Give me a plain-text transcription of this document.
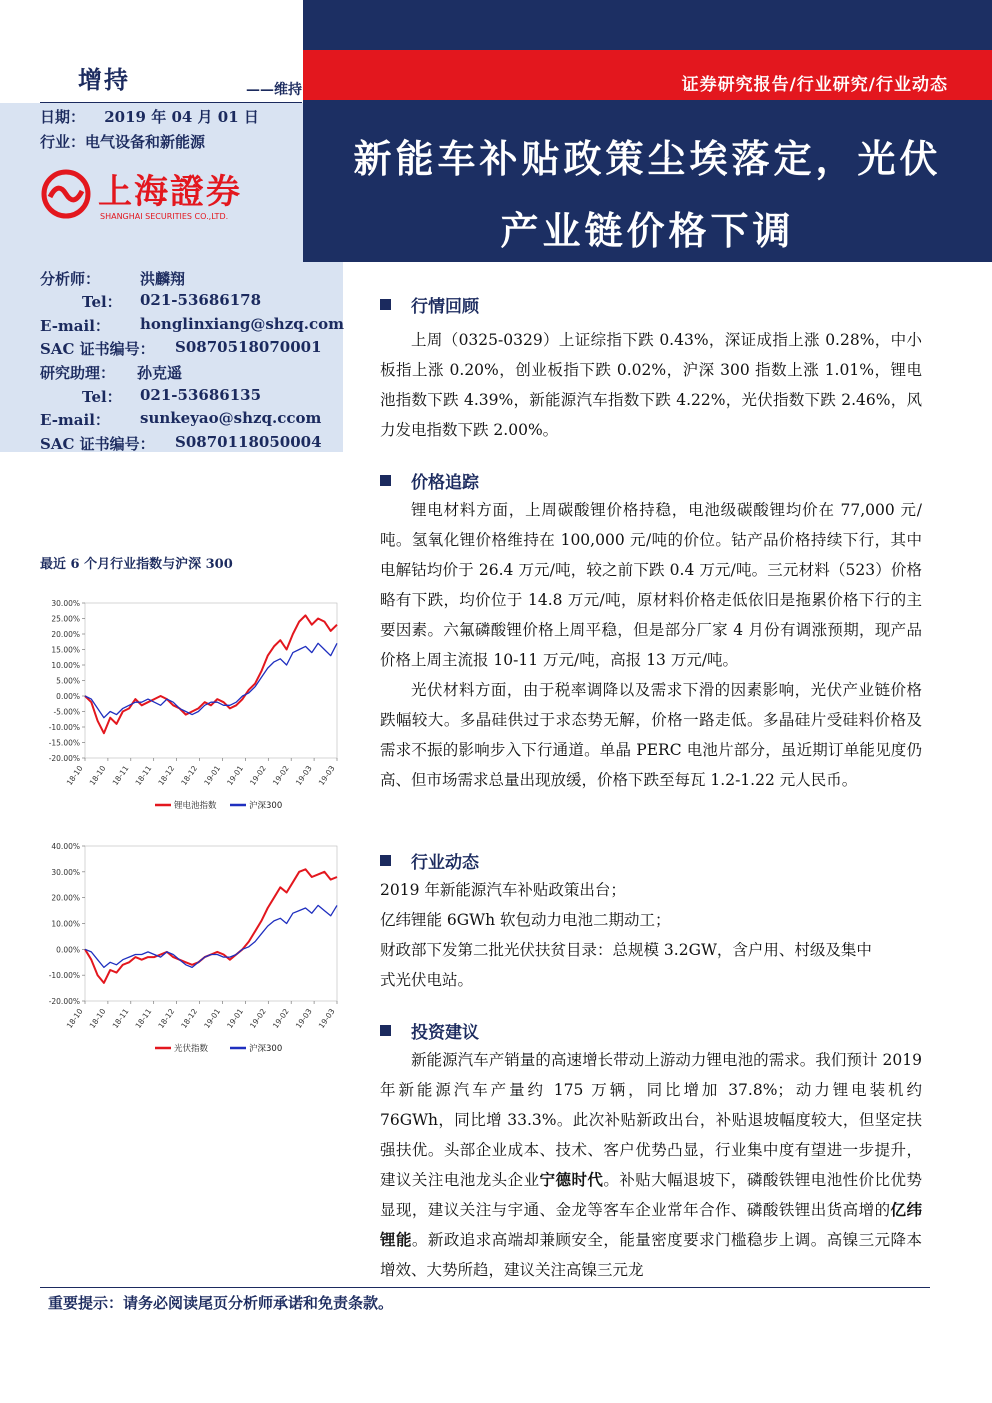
增持	——维持	证券研究报告/行业研究/行业动态
新能车补贴政策尘埃落定，光伏
产业链价格下调
日期： 2019 年 04 月 01 日
行业：电气设备和新能源
上海證券
SHANGHAI SECURITIES CO.,LTD.
分析师：	洪麟翔
Tel： 021-53686178
E-mail： honglinxiang@shzq.com
SAC 证书编号： S0870518070001
研究助理： 孙克遥
Tel： 021-53686135
E-mail： sunkeyao@shzq.ccom
SAC 证书编号： S0870118050004
最近 6 个月行业指数与沪深 300
-20.00%
-15.00%
-10.00%
-5.00%
0.00%
5.00%
10.00%
15.00%
20.00%
25.00%
30.00%
18-10 18-10 18-11 18-11 18-12 18-12 19-01 19-01 19-02 19-02 19-03 19-03
锂电池指数	沪深300
-20.00%
-10.00%
0.00%
10.00%
20.00%
30.00%
40.00%
18-10 18-10 18-11 18-11 18-12 18-12 19-01 19-01 19-02 19-02 19-03 19-03
光伏指数	沪深300
行情回顾
上周（0325-0329）上证综指下跌 0.43%，深证成指上涨 0.28%，中小板指上涨 0.20%，创业板指下跌 0.02%，沪深 300 指数上涨 1.01%，锂电池指数下跌 4.39%，新能源汽车指数下跌 4.22%，光伏指数下跌 2.46%，风力发电指数下跌 2.00%。
价格追踪
锂电材料方面，上周碳酸锂价格持稳，电池级碳酸锂均价在 77,000 元/吨。氢氧化锂价格维持在 100,000 元/吨的价位。钴产品价格持续下行，其中电解钴均价于 26.4 万元/吨，较之前下跌 0.4 万元/吨。三元材料（523）价格略有下跌，均价位于 14.8 万元/吨，原材料价格走低依旧是拖累价格下行的主要因素。六氟磷酸锂价格上周平稳，但是部分厂家 4 月份有调涨预期，现产品价格上周主流报 10-11 万元/吨，高报 13 万元/吨。
光伏材料方面，由于税率调降以及需求下滑的因素影响，光伏产业链价格跌幅较大。多晶硅供过于求态势无解，价格一路走低。多晶硅片受硅料价格及需求不振的影响步入下行通道。单晶 PERC 电池片部分，虽近期订单能见度仍高、但市场需求总量出现放缓，价格下跌至每瓦 1.2-1.22 元人民币。
行业动态
2019 年新能源汽车补贴政策出台；
亿纬锂能 6GWh 软包动力电池二期动工；
财政部下发第二批光伏扶贫目录：总规模 3.2GW，含户用、村级及集中
式光伏电站。
投资建议
新能源汽车产销量的高速增长带动上游动力锂电池的需求。我们预计 2019 年新能源汽车产量约 175 万辆，同比增加 37.8%；动力锂电装机约 76GWh，同比增 33.3%。此次补贴新政出台，补贴退坡幅度较大，但坚定扶强扶优。头部企业成本、技术、客户优势凸显，行业集中度有望进一步提升，建议关注电池龙头企业宁德时代。补贴大幅退坡下，磷酸铁锂电池性价比优势显现，建议关注与宇通、金龙等客车企业常年合作、磷酸铁锂出货高增的亿纬锂能。新政追求高端却兼顾安全，能量密度要求门槛稳步上调。高镍三元降本增效、大势所趋，建议关注高镍三元龙
重要提示：请务必阅读尾页分析师承诺和免责条款。
